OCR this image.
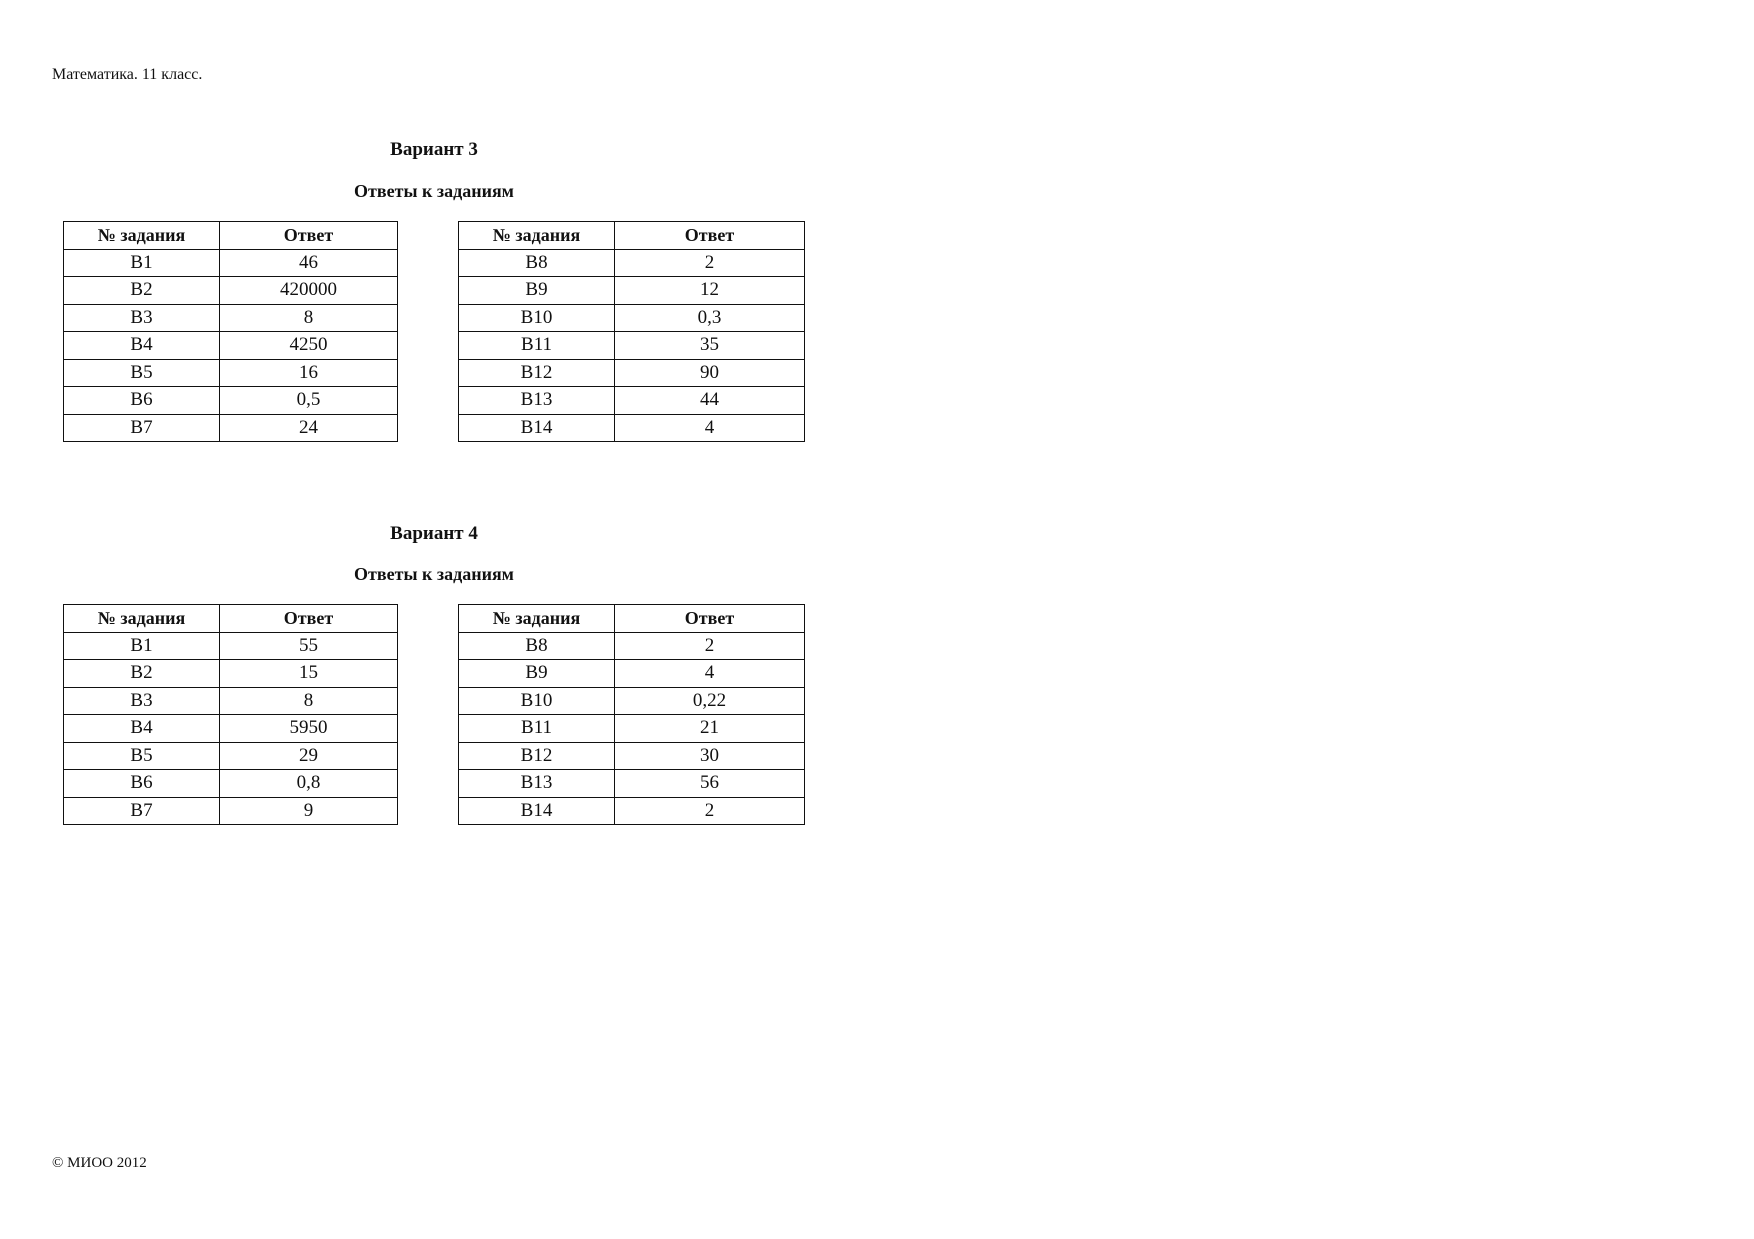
Математика. 11 класс.
Вариант 3
Ответы к заданиям
№ задания	Ответ
B1	46
B2	420000
B3	8
B4	4250
B5	16
B6	0,5
B7	24
№ задания	Ответ
B8	2
B9	12
B10	0,3
B11	35
B12	90
B13	44
B14	4
Вариант 4
Ответы к заданиям
№ задания	Ответ
B1	55
B2	15
B3	8
B4	5950
B5	29
B6	0,8
B7	9
№ задания	Ответ
B8	2
B9	4
B10	0,22
B11	21
B12	30
B13	56
B14	2
© МИОО 2012
